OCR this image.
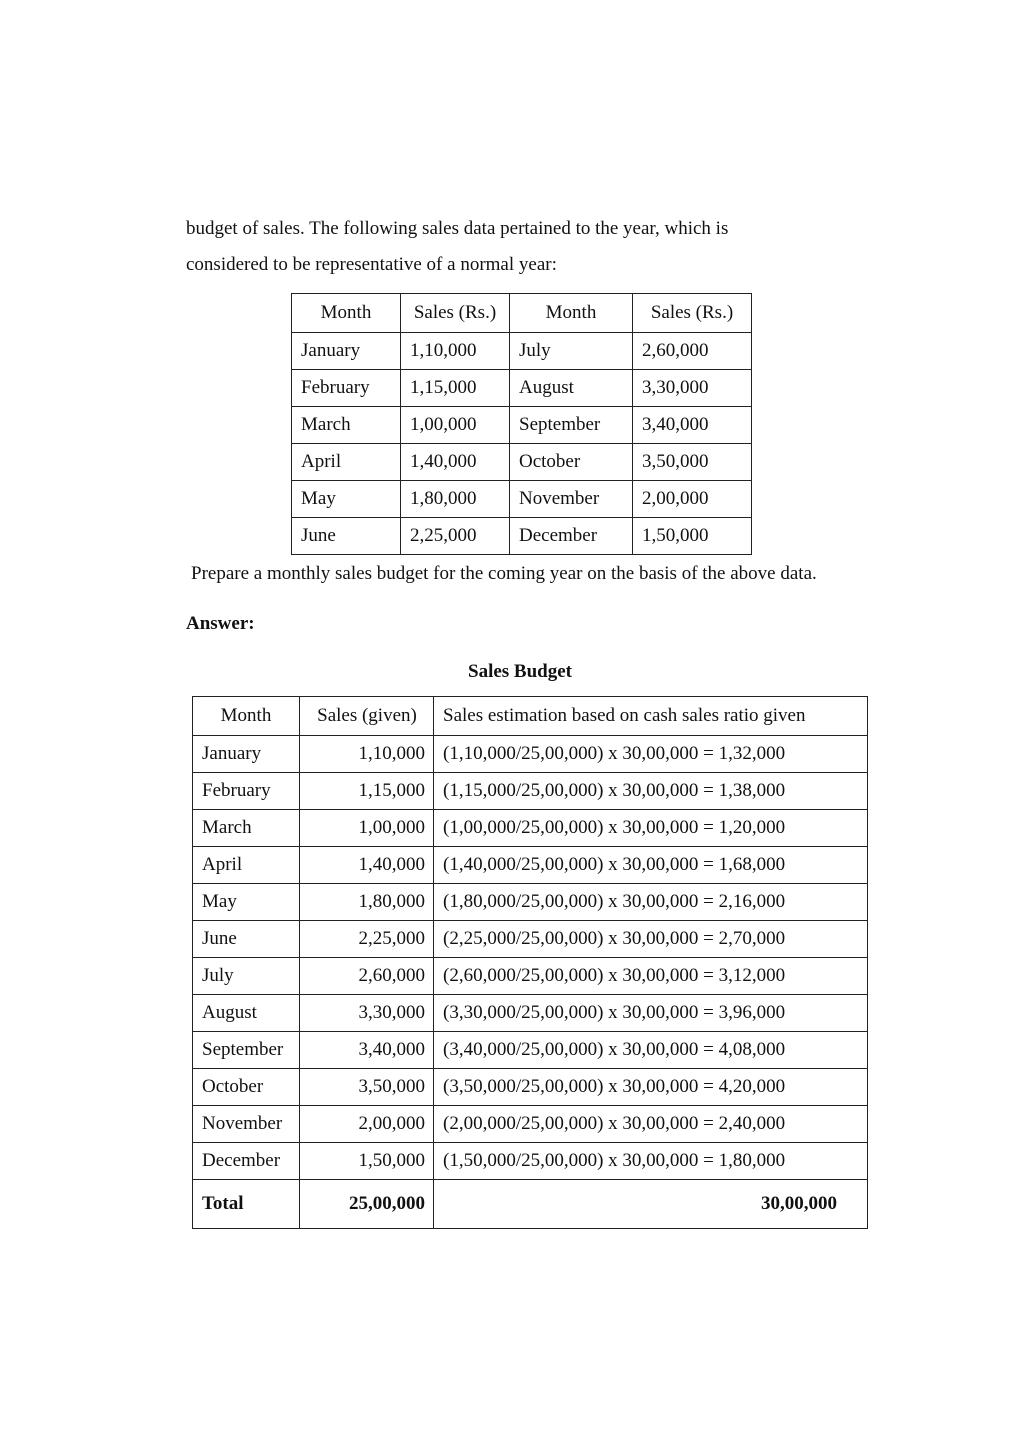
budget of sales. The following sales data pertained to the year, which is
considered to be representative of a normal year:

Month	Sales (Rs.)	Month	Sales (Rs.)
January	1,10,000	July	2,60,000
February	1,15,000	August	3,30,000
March	1,00,000	September	3,40,000
April	1,40,000	October	3,50,000
May	1,80,000	November	2,00,000
June	2,25,000	December	1,50,000

Prepare a monthly sales budget for the coming year on the basis of the above data.

Answer:

Sales Budget

Month	Sales (given)	Sales estimation based on cash sales ratio given
January	1,10,000	(1,10,000/25,00,000) x 30,00,000 = 1,32,000
February	1,15,000	(1,15,000/25,00,000) x 30,00,000 = 1,38,000
March	1,00,000	(1,00,000/25,00,000) x 30,00,000 = 1,20,000
April	1,40,000	(1,40,000/25,00,000) x 30,00,000 = 1,68,000
May	1,80,000	(1,80,000/25,00,000) x 30,00,000 = 2,16,000
June	2,25,000	(2,25,000/25,00,000) x 30,00,000 = 2,70,000
July	2,60,000	(2,60,000/25,00,000) x 30,00,000 = 3,12,000
August	3,30,000	(3,30,000/25,00,000) x 30,00,000 = 3,96,000
September	3,40,000	(3,40,000/25,00,000) x 30,00,000 = 4,08,000
October	3,50,000	(3,50,000/25,00,000) x 30,00,000 = 4,20,000
November	2,00,000	(2,00,000/25,00,000) x 30,00,000 = 2,40,000
December	1,50,000	(1,50,000/25,00,000) x 30,00,000 = 1,80,000
Total	25,00,000	30,00,000
